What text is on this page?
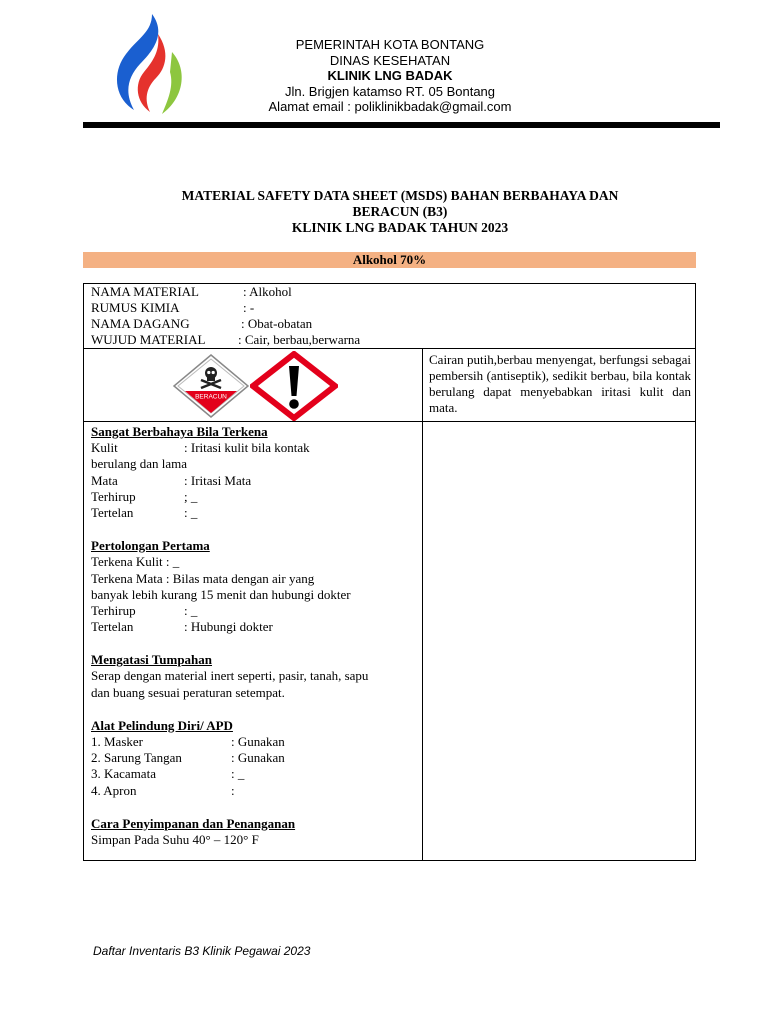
PEMERINTAH KOTA BONTANG
DINAS KESEHATAN
KLINIK LNG BADAK
Jln. Brigjen katamso RT. 05 Bontang
Alamat email : poliklinikbadak@gmail.com
MATERIAL SAFETY DATA SHEET (MSDS) BAHAN BERBAHAYA DAN
BERACUN (B3)
KLINIK LNG BADAK TAHUN 2023
Alkohol 70%
NAMA MATERIAL	: Alkohol
RUMUS KIMIA	: -
NAMA DAGANG	: Obat-obatan
WUJUD MATERIAL	: Cair, berbau,berwarna
BERACUN
Cairan putih,berbau menyengat, berfungsi sebagai pembersih (antiseptik), sedikit berbau, bila kontak berulang dapat menyebabkan iritasi kulit dan mata.
Sangat Berbahaya Bila Terkena
Kulit	: Iritasi kulit bila kontak
berulang dan lama
Mata	: Iritasi Mata
Terhirup	; _
Tertelan	: _
Pertolongan Pertama
Terkena Kulit : _
Terkena Mata : Bilas mata dengan air yang
banyak lebih kurang 15 menit dan hubungi dokter
Terhirup	: _
Tertelan	: Hubungi dokter
Mengatasi Tumpahan
Serap dengan material inert seperti, pasir, tanah, sapu
dan buang sesuai peraturan setempat.
Alat Pelindung Diri/ APD
1. Masker	: Gunakan
2. Sarung Tangan	: Gunakan
3. Kacamata	: _
4. Apron	:
Cara Penyimpanan dan Penanganan
Simpan Pada Suhu 40° – 120° F
Daftar Inventaris B3 Klinik Pegawai 2023
